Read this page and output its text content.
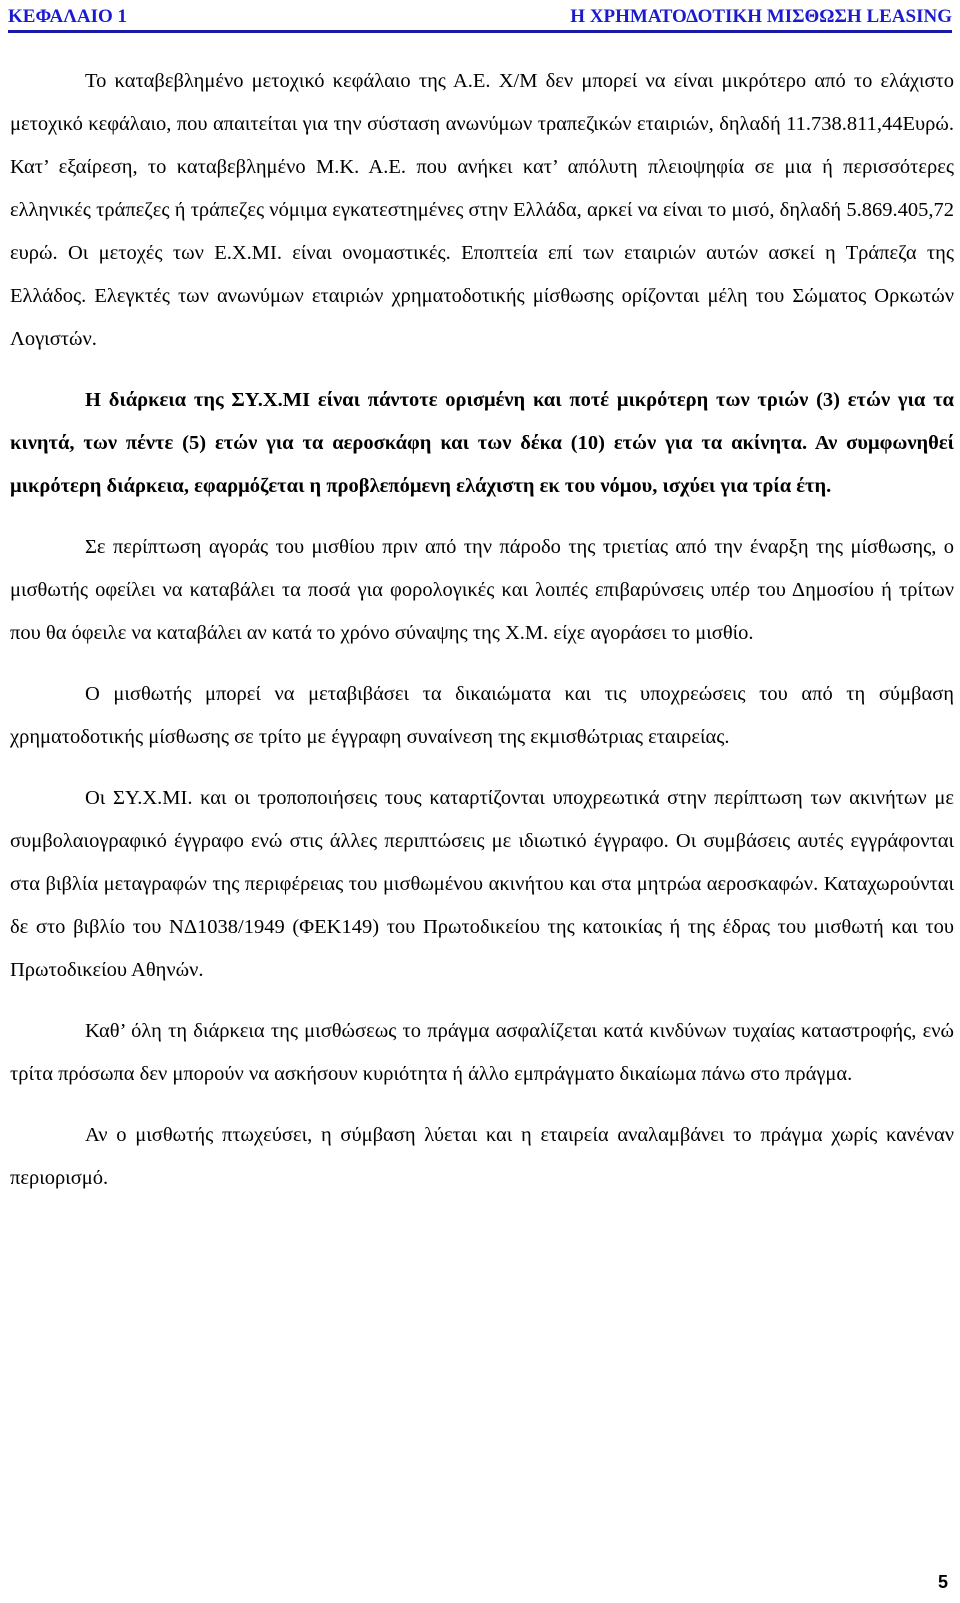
ΚΕΦΑΛΑΙΟ 1	Η ΧΡΗΜΑΤΟΔΟΤΙΚΗ ΜΙΣΘΩΣΗ LEASING

Το καταβεβλημένο μετοχικό κεφάλαιο της Α.Ε. Χ/Μ δεν μπορεί να είναι μικρότερο από το ελάχιστο μετοχικό κεφάλαιο, που απαιτείται για την σύσταση ανωνύμων τραπεζικών εταιριών, δηλαδή 11.738.811,44Ευρώ. Κατ’ εξαίρεση, το καταβεβλημένο Μ.Κ. Α.Ε. που ανήκει κατ’ απόλυτη πλειοψηφία σε μια ή περισσότερες ελληνικές τράπεζες ή τράπεζες νόμιμα εγκατεστημένες στην Ελλάδα, αρκεί να είναι το μισό, δηλαδή 5.869.405,72 ευρώ. Οι μετοχές των Ε.Χ.ΜΙ. είναι ονομαστικές. Εποπτεία επί των εταιριών αυτών ασκεί η Τράπεζα της Ελλάδος. Ελεγκτές των ανωνύμων εταιριών χρηματοδοτικής μίσθωσης ορίζονται μέλη του Σώματος Ορκωτών Λογιστών.

Η διάρκεια της ΣΥ.Χ.ΜΙ είναι πάντοτε ορισμένη και ποτέ μικρότερη των τριών (3) ετών για τα κινητά, των πέντε (5) ετών για τα αεροσκάφη και των δέκα (10) ετών για τα ακίνητα. Αν συμφωνηθεί μικρότερη διάρκεια, εφαρμόζεται η προβλεπόμενη ελάχιστη εκ του νόμου, ισχύει για τρία έτη.

Σε περίπτωση αγοράς του μισθίου πριν από την πάροδο της τριετίας από την έναρξη της μίσθωσης, ο μισθωτής οφείλει να καταβάλει τα ποσά για φορολογικές και λοιπές επιβαρύνσεις υπέρ του Δημοσίου ή τρίτων που θα όφειλε να καταβάλει αν κατά το χρόνο σύναψης της Χ.Μ. είχε αγοράσει το μισθίο.

Ο μισθωτής μπορεί να μεταβιβάσει τα δικαιώματα και τις υποχρεώσεις του από τη σύμβαση χρηματοδοτικής μίσθωσης σε τρίτο με έγγραφη συναίνεση της εκμισθώτριας εταιρείας.

Οι ΣΥ.Χ.ΜΙ. και οι τροποποιήσεις τους καταρτίζονται υποχρεωτικά στην περίπτωση των ακινήτων με συμβολαιογραφικό έγγραφο ενώ στις άλλες περιπτώσεις με ιδιωτικό έγγραφο. Οι συμβάσεις αυτές εγγράφονται στα βιβλία μεταγραφών της περιφέρειας του μισθωμένου ακινήτου και στα μητρώα αεροσκαφών. Καταχωρούνται δε στο βιβλίο του ΝΔ1038/1949 (ΦΕΚ149) του Πρωτοδικείου της κατοικίας ή της έδρας του μισθωτή και του Πρωτοδικείου Αθηνών.

Καθ’ όλη τη διάρκεια της μισθώσεως το πράγμα ασφαλίζεται κατά κινδύνων τυχαίας καταστροφής, ενώ τρίτα πρόσωπα δεν μπορούν να ασκήσουν κυριότητα ή άλλο εμπράγματο δικαίωμα πάνω στο πράγμα.

Αν ο μισθωτής πτωχεύσει, η σύμβαση λύεται και η εταιρεία αναλαμβάνει το πράγμα χωρίς κανέναν περιορισμό.

5
